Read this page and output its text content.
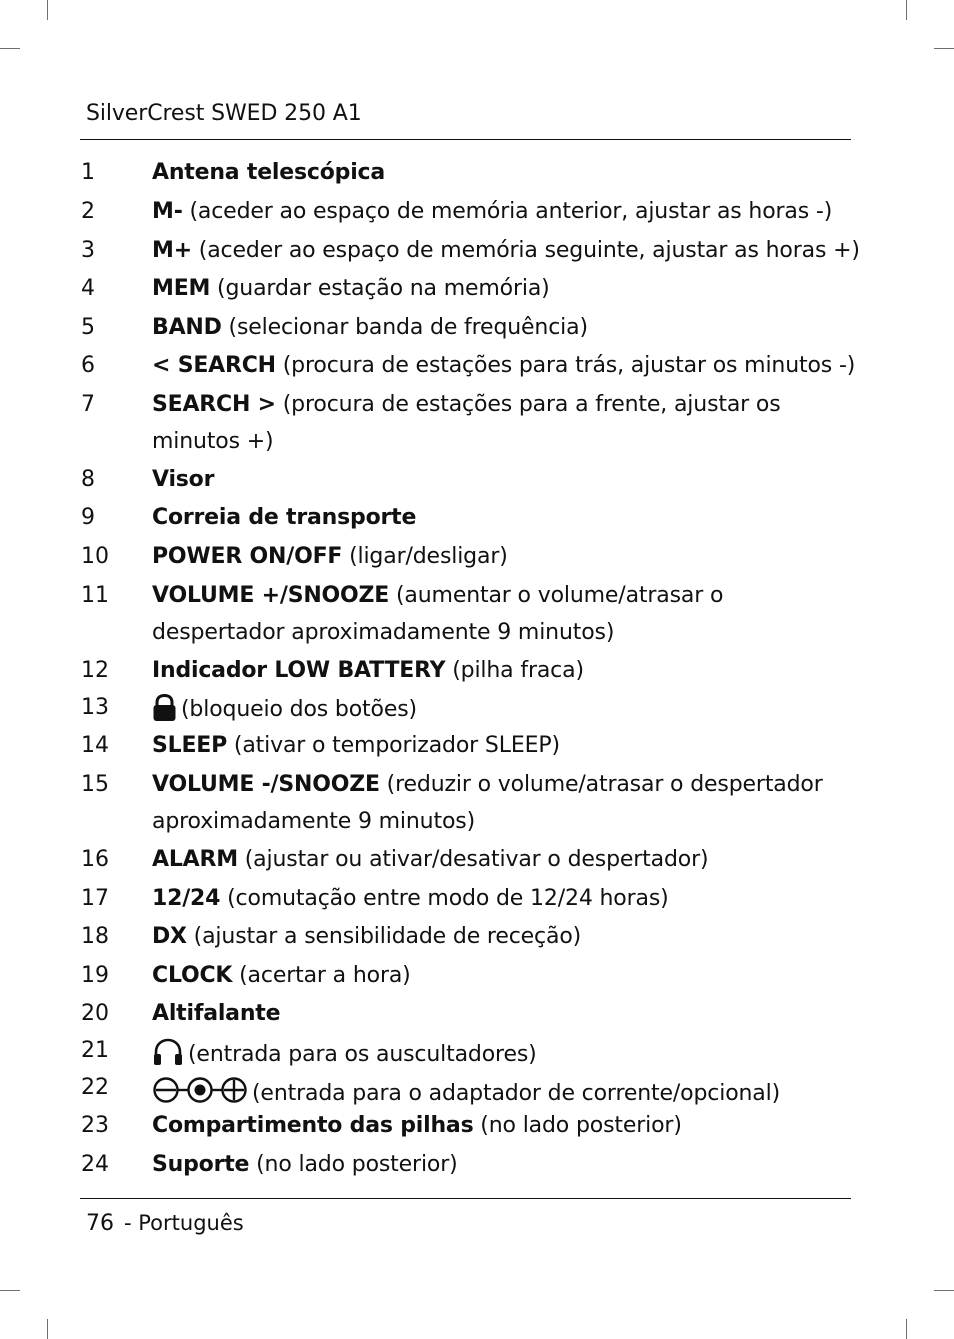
SilverCrest SWED 250 A1
1	Antena telescópica
2	M- (aceder ao espaço de memória anterior, ajustar as horas -)
3	M+ (aceder ao espaço de memória seguinte, ajustar as horas +)
4	MEM (guardar estação na memória)
5	BAND (selecionar banda de frequência)
6	< SEARCH (procura de estações para trás, ajustar os minutos -)
7	SEARCH > (procura de estações para a frente, ajustar os
minutos +)
8	Visor
9	Correia de transporte
10 POWER ON/OFF (ligar/desligar)
11 VOLUME +/SNOOZE (aumentar o volume/atrasar o
despertador aproximadamente 9 minutos)
12 Indicador LOW BATTERY (pilha fraca)
13	(bloqueio dos botões)
14 SLEEP (ativar o temporizador SLEEP)
15 VOLUME -/SNOOZE (reduzir o volume/atrasar o despertador
aproximadamente 9 minutos)
16 ALARM (ajustar ou ativar/desativar o despertador)
17 12/24 (comutação entre modo de 12/24 horas)
18 DX (ajustar a sensibilidade de receção)
19 CLOCK (acertar a hora)
20 Altifalante
21	(entrada para os auscultadores)
22	(entrada para o adaptador de corrente/opcional)
23 Compartimento das pilhas (no lado posterior)
24 Suporte (no lado posterior)
76 - Português
